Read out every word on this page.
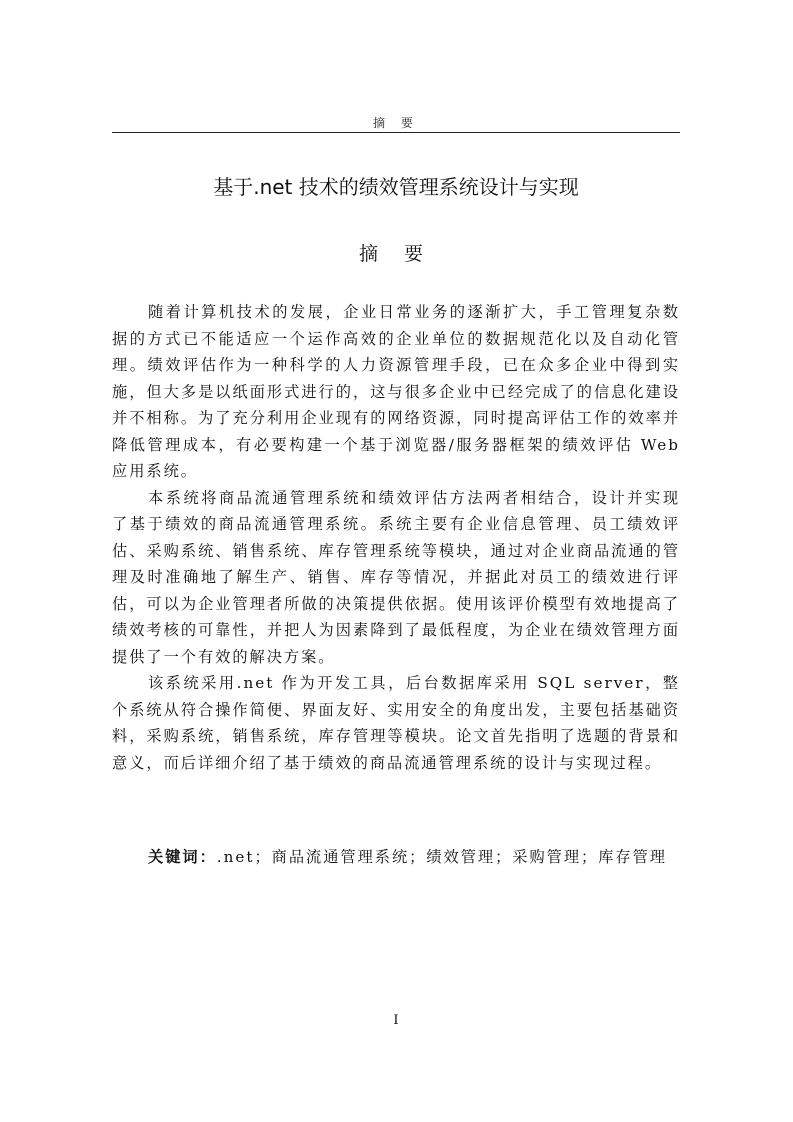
摘 要
基于.net 技术的绩效管理系统设计与实现
摘 要

随着计算机技术的发展，企业日常业务的逐渐扩大，手工管理复杂数据的方式已不能适应一个运作高效的企业单位的数据规范化以及自动化管理。绩效评估作为一种科学的人力资源管理手段，已在众多企业中得到实施，但大多是以纸面形式进行的，这与很多企业中已经完成了的信息化建设并不相称。为了充分利用企业现有的网络资源，同时提高评估工作的效率并降低管理成本，有必要构建一个基于浏览器/服务器框架的绩效评估 Web 应用系统。

本系统将商品流通管理系统和绩效评估方法两者相结合，设计并实现了基于绩效的商品流通管理系统。系统主要有企业信息管理、员工绩效评估、采购系统、销售系统、库存管理系统等模块，通过对企业商品流通的管理及时准确地了解生产、销售、库存等情况，并据此对员工的绩效进行评估，可以为企业管理者所做的决策提供依据。使用该评价模型有效地提高了绩效考核的可靠性，并把人为因素降到了最低程度，为企业在绩效管理方面提供了一个有效的解决方案。

该系统采用.net 作为开发工具，后台数据库采用 SQL server，整个系统从符合操作简便、界面友好、实用安全的角度出发，主要包括基础资料，采购系统，销售系统，库存管理等模块。论文首先指明了选题的背景和意义，而后详细介绍了基于绩效的商品流通管理系统的设计与实现过程。

关键词：.net；商品流通管理系统；绩效管理；采购管理；库存管理

I
